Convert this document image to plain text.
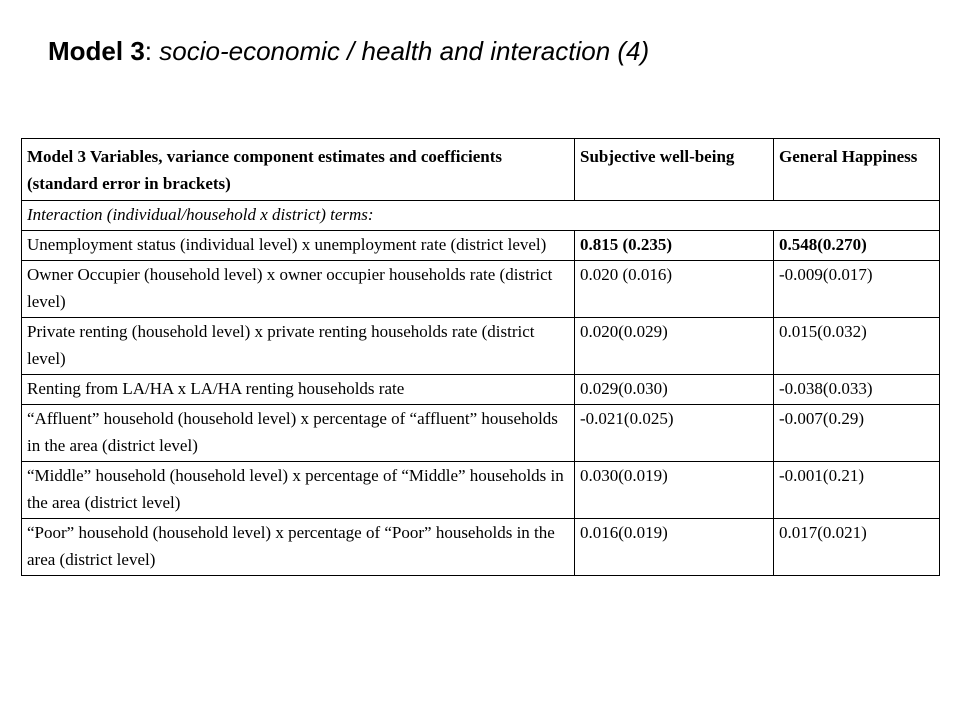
Model 3: socio-economic / health and interaction (4)
Model 3 Variables, variance component estimates and coefficients (standard error in brackets)	Subjective well-being	General Happiness
Interaction (individual/household x district) terms:		
Unemployment status (individual level) x unemployment rate (district level)	0.815 (0.235)	0.548(0.270)
Owner Occupier (household level) x owner occupier households rate (district level)	0.020 (0.016)	-0.009(0.017)
Private renting (household level) x private renting households rate (district level)	0.020(0.029)	0.015(0.032)
Renting from LA/HA x LA/HA renting households rate	0.029(0.030)	-0.038(0.033)
“Affluent” household (household level) x percentage of “affluent” households in the area (district level)	-0.021(0.025)	-0.007(0.29)
“Middle” household (household level) x percentage of “Middle” households in the area (district level)	0.030(0.019)	-0.001(0.21)
“Poor” household (household level) x percentage of “Poor” households in the area (district level)	0.016(0.019)	0.017(0.021)
